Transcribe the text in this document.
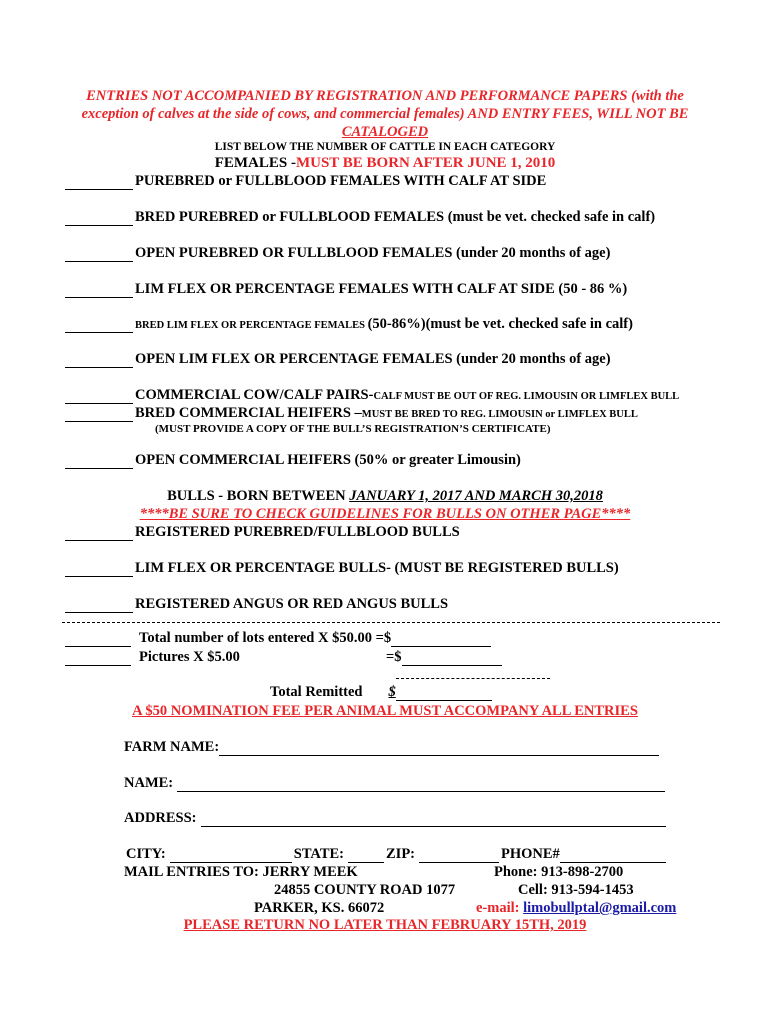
ENTRIES NOT ACCOMPANIED BY REGISTRATION AND PERFORMANCE PAPERS (with the
exception of calves at the side of cows, and commercial females) AND ENTRY FEES, WILL NOT BE
CATALOGED
LIST BELOW THE NUMBER OF CATTLE IN EACH CATEGORY
FEMALES -MUST BE BORN AFTER JUNE 1, 2010
PUREBRED or FULLBLOOD FEMALES WITH CALF AT SIDE
BRED PUREBRED or FULLBLOOD FEMALES (must be vet. checked safe in calf)
OPEN PUREBRED OR FULLBLOOD FEMALES (under 20 months of age)
LIM FLEX OR PERCENTAGE FEMALES WITH CALF AT SIDE (50 - 86 %)
BRED LIM FLEX OR PERCENTAGE FEMALES (50-86%)(must be vet. checked safe in calf)
OPEN LIM FLEX OR PERCENTAGE FEMALES (under 20 months of age)
COMMERCIAL COW/CALF PAIRS-CALF MUST BE OUT OF REG. LIMOUSIN OR LIMFLEX BULL
BRED COMMERCIAL HEIFERS –MUST BE BRED TO REG. LIMOUSIN or LIMFLEX BULL
(MUST PROVIDE A COPY OF THE BULL’S REGISTRATION’S CERTIFICATE)
OPEN COMMERCIAL HEIFERS (50% or greater Limousin)
BULLS - BORN BETWEEN JANUARY 1, 2017 AND MARCH 30,2018
****BE SURE TO CHECK GUIDELINES FOR BULLS ON OTHER PAGE****
REGISTERED PUREBRED/FULLBLOOD BULLS
LIM FLEX OR PERCENTAGE BULLS- (MUST BE REGISTERED BULLS)
REGISTERED ANGUS OR RED ANGUS BULLS
Total number of lots entered X $50.00 =$
Pictures X $5.00	=$
Total Remitted $
A $50 NOMINATION FEE PER ANIMAL MUST ACCOMPANY ALL ENTRIES
FARM NAME:
NAME:
ADDRESS:
CITY:	STATE:	ZIP:	PHONE#
MAIL ENTRIES TO: JERRY MEEK
24855 COUNTY ROAD 1077
PARKER, KS. 66072
Phone: 913-898-2700
Cell: 913-594-1453
e-mail: limobullptal@gmail.com
PLEASE RETURN NO LATER THAN FEBRUARY 15TH, 2019
